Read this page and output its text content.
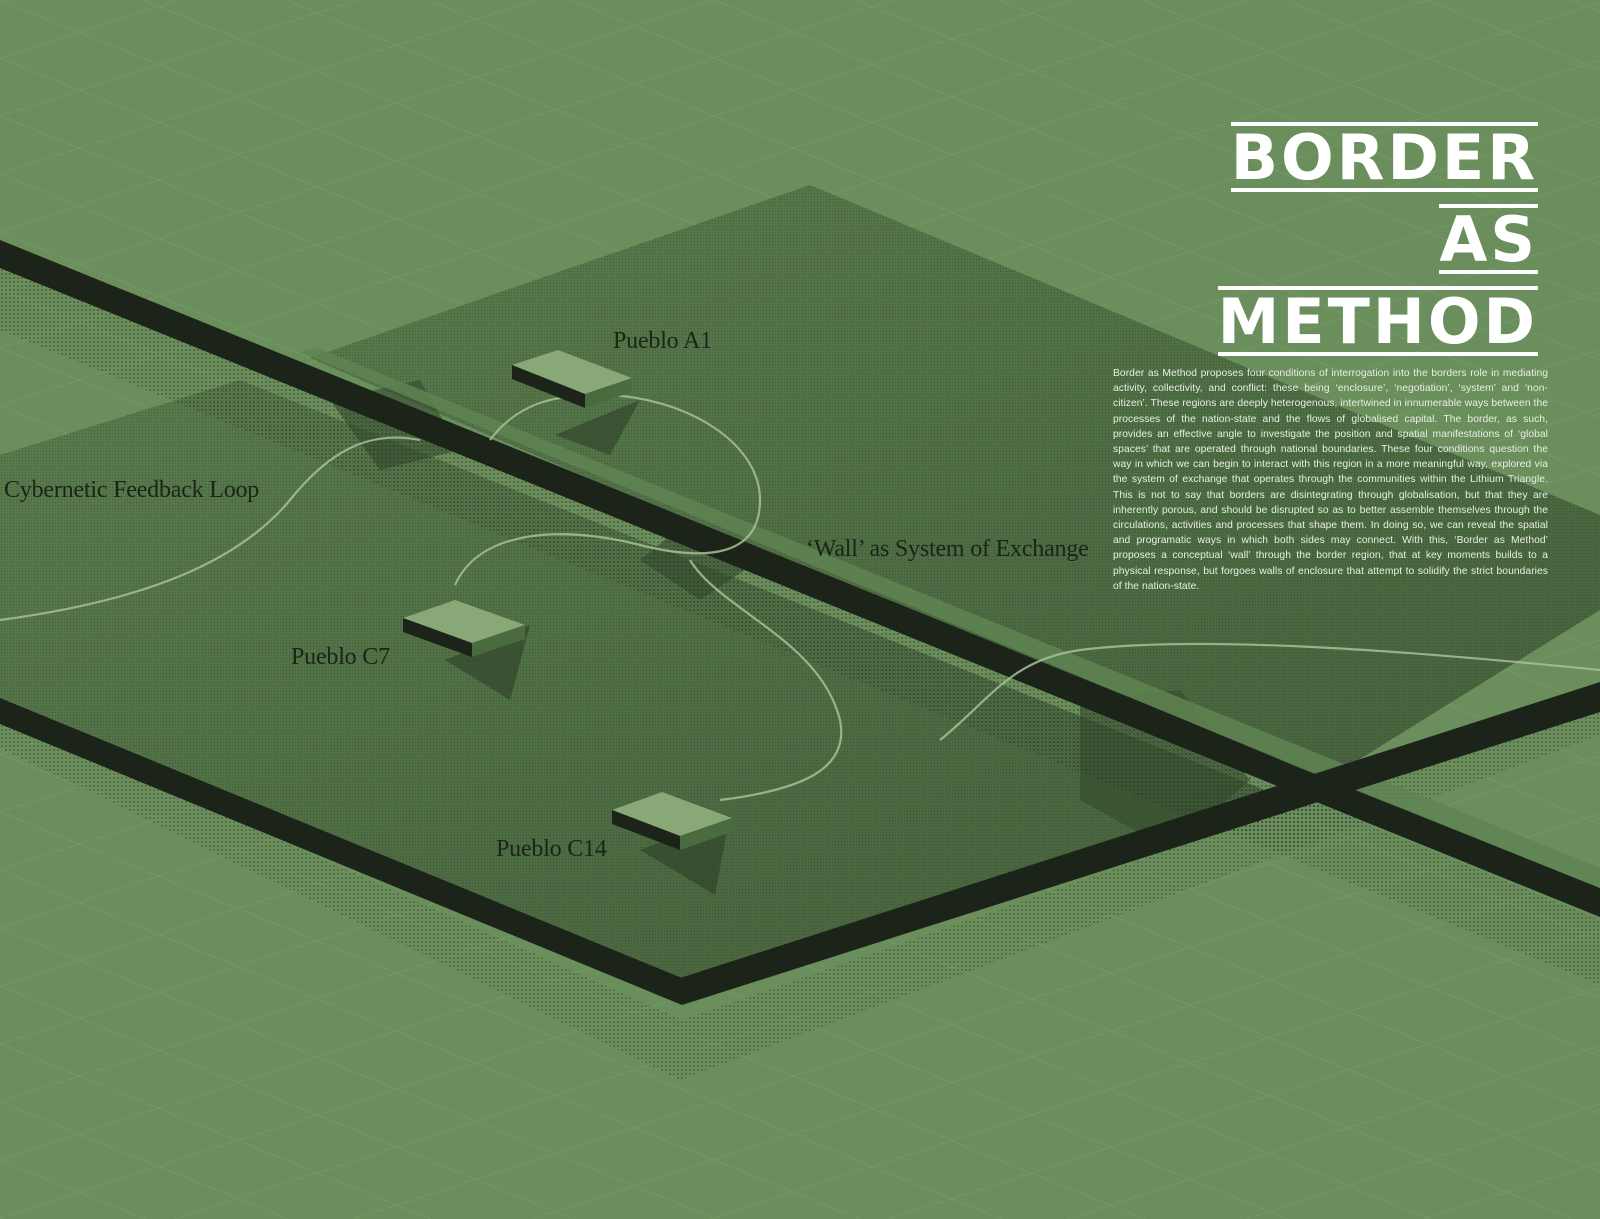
Pueblo A1

Cybernetic Feedback Loop

‘Wall’ as System of Exchange

Pueblo C7

Pueblo C14

BORDER
AS
METHOD

Border as Method proposes four conditions of interrogation into the borders role in mediating activity, collectivity, and conflict: these being ‘enclosure’, ‘negotiation’, ‘system’ and ‘non-citizen’. These regions are deeply heterogenous, intertwined in innumerable ways between the processes of the nation-state and the flows of globalised capital. The border, as such, provides an effective angle to investigate the position and spatial manifestations of ‘global spaces’ that are operated through national boundaries. These four conditions question the way in which we can begin to interact with this region in a more meaningful way, explored via the system of exchange that operates through the communities within the Lithium Triangle. This is not to say that borders are disintegrating through globalisation, but that they are inherently porous, and should be disrupted so as to better assemble themselves through the circulations, activities and processes that shape them. In doing so, we can reveal the spatial and programatic ways in which both sides may connect. With this, ‘Border as Method’ proposes a conceptual ‘wall’ through the border region, that at key moments builds to a physical response, but forgoes walls of enclosure that attempt to solidify the strict boundaries of the nation-state.
